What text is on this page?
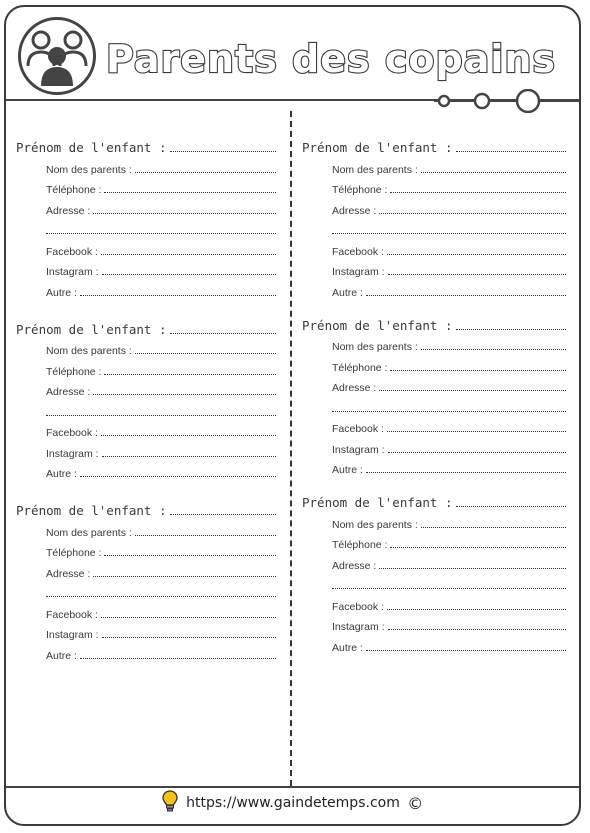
Parents des copains
Prénom de l'enfant :
Nom des parents :
Téléphone :
Adresse :
Facebook :
Instagram :
Autre :
Prénom de l'enfant :
Nom des parents :
Téléphone :
Adresse :
Facebook :
Instagram :
Autre :
Prénom de l'enfant :
Nom des parents :
Téléphone :
Adresse :
Facebook :
Instagram :
Autre :
Prénom de l'enfant :
Nom des parents :
Téléphone :
Adresse :
Facebook :
Instagram :
Autre :
Prénom de l'enfant :
Nom des parents :
Téléphone :
Adresse :
Facebook :
Instagram :
Autre :
Prénom de l'enfant :
Nom des parents :
Téléphone :
Adresse :
Facebook :
Instagram :
Autre :
https://www.gaindetemps.com ©
